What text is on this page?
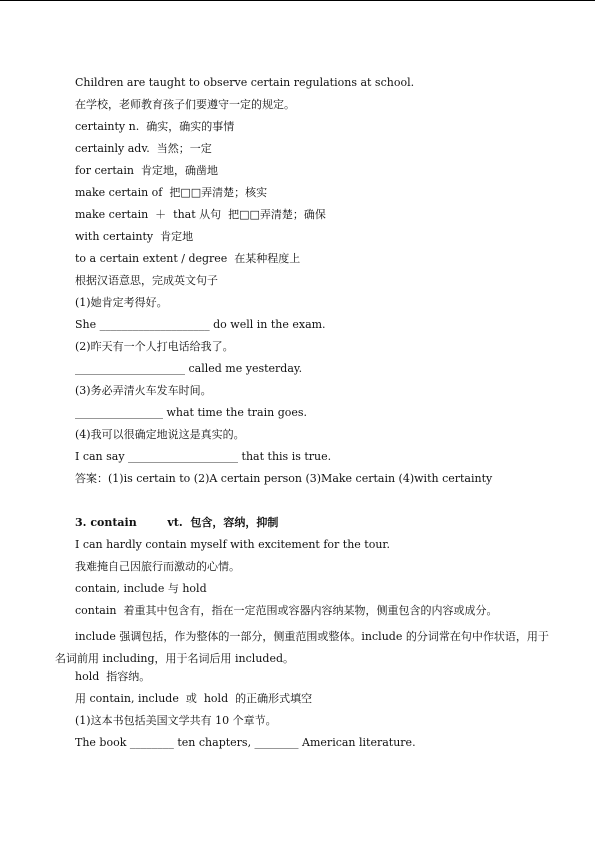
Children are taught to observe certain regulations at school.
在学校，老师教育孩子们要遵守一定的规定。
certainty n.  确实，确实的事情
certainly adv.  当然；一定
for certain  肯定地，确凿地
make certain of  把□□弄清楚；核实
make certain  ＋  that 从句  把□□弄清楚；确保
with certainty  肯定地
to a certain extent / degree  在某种程度上
根据汉语意思，完成英文句子
(1)她肯定考得好。
She ____________________ do well in the exam.
(2)昨天有一个人打电话给我了。
____________________ called me yesterday.
(3)务必弄清火车发车时间。
________________ what time the train goes.
(4)我可以很确定地说这是真实的。
I can say ____________________ that this is true.
答案：(1)is certain to (2)A certain person (3)Make certain (4)with certainty
3. contain        vt.  包含，容纳，抑制
I can hardly contain myself with excitement for the tour.
我难掩自己因旅行而激动的心情。
contain, include 与 hold
contain  着重其中包含有，指在一定范围或容器内容纳某物，侧重包含的内容或成分。
include 强调包括，作为整体的一部分，侧重范围或整体。include 的分词常在句中作状语，用于名词前用 including，用于名词后用 included。
hold  指容纳。
用 contain, include  或  hold  的正确形式填空
(1)这本书包括美国文学共有 10 个章节。
The book ________ ten chapters, ________ American literature.
